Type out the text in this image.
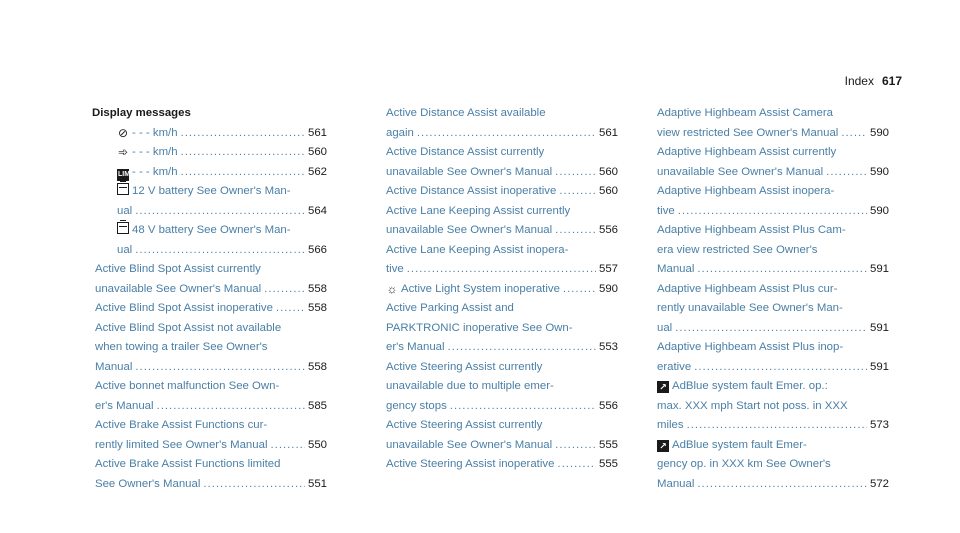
Index 617
Display messages
⊘ - - - km/h .....	561
➾ - - - km/h .....	560
LIM - - - km/h .....	562
12 V battery See Owner's Man-
ual .....	564
48 V battery See Owner's Man-
ual .....	566
Active Blind Spot Assist currently
unavailable See Owner's Manual .....	558
Active Blind Spot Assist inoperative .....	558
Active Blind Spot Assist not available
when towing a trailer See Owner's
Manual .....	558
Active bonnet malfunction See Own-
er's Manual .....	585
Active Brake Assist Functions cur-
rently limited See Owner's Manual .....	550
Active Brake Assist Functions limited
See Owner's Manual .....	551
Active Distance Assist available
again .....	561
Active Distance Assist currently
unavailable See Owner's Manual .....	560
Active Distance Assist inoperative .....	560
Active Lane Keeping Assist currently
unavailable See Owner's Manual .....	556
Active Lane Keeping Assist inopera-
tive .....	557
☼ Active Light System inoperative .....	590
Active Parking Assist and
PARKTRONIC inoperative See Own-
er's Manual .....	553
Active Steering Assist currently
unavailable due to multiple emer-
gency stops .....	556
Active Steering Assist currently
unavailable See Owner's Manual .....	555
Active Steering Assist inoperative .....	555
Adaptive Highbeam Assist Camera
view restricted See Owner's Manual .....	590
Adaptive Highbeam Assist currently
unavailable See Owner's Manual .....	590
Adaptive Highbeam Assist inopera-
tive .....	590
Adaptive Highbeam Assist Plus Cam-
era view restricted See Owner's
Manual .....	591
Adaptive Highbeam Assist Plus cur-
rently unavailable See Owner's Man-
ual .....	591
Adaptive Highbeam Assist Plus inop-
erative .....	591
↗ AdBlue system fault Emer. op.:
max. XXX mph Start not poss. in XXX
miles .....	573
↗ AdBlue system fault Emer-
gency op. in XXX km See Owner's
Manual .....	572
